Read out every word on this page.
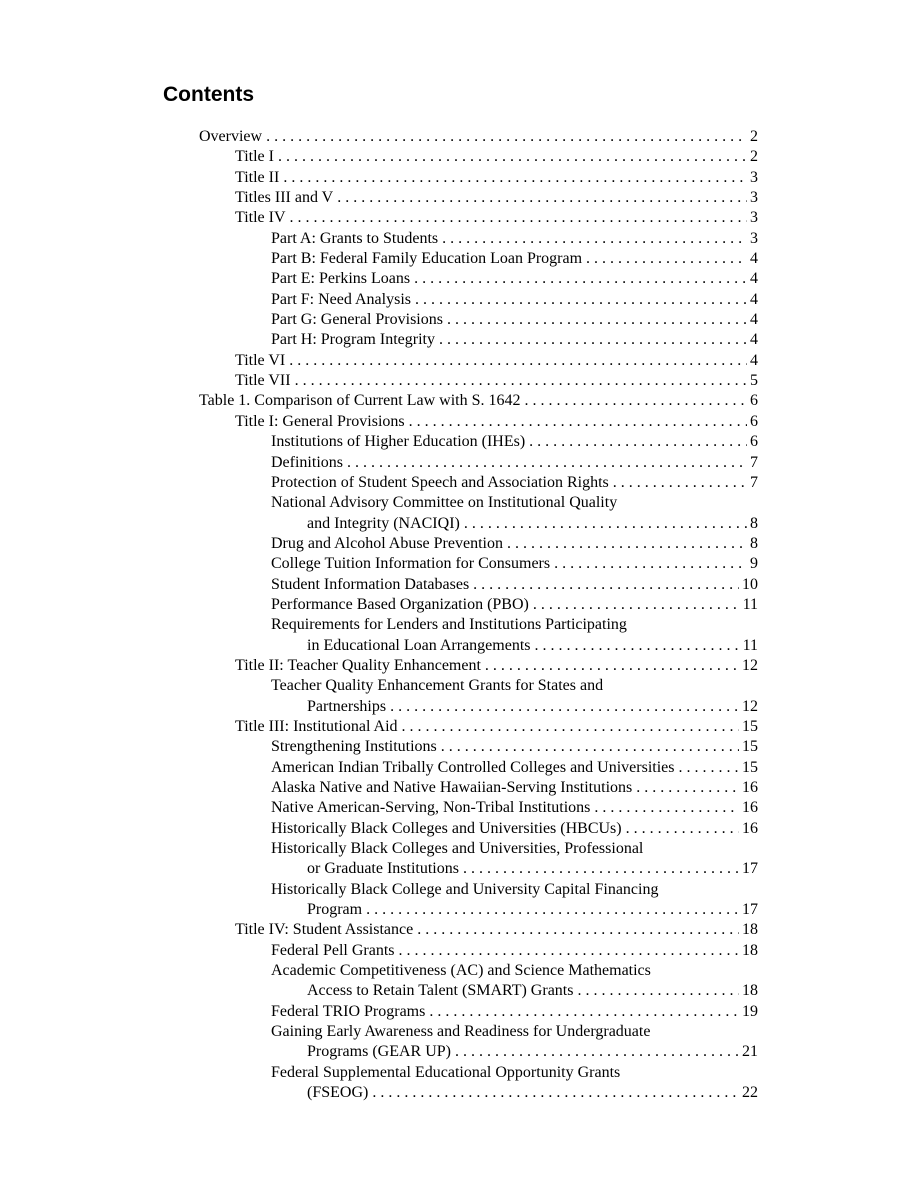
Contents
Overview . . .	2
Title I . . .	2
Title II . . .	3
Titles III and V . . .	3
Title IV . . .	3
Part A: Grants to Students . . .	3
Part B: Federal Family Education Loan Program . . .	4
Part E: Perkins Loans . . .	4
Part F: Need Analysis . . .	4
Part G: General Provisions . . .	4
Part H: Program Integrity . . .	4
Title VI . . .	4
Title VII . . .	5
Table 1. Comparison of Current Law with S. 1642 . . .	6
Title I: General Provisions . . .	6
Institutions of Higher Education (IHEs) . . .	6
Definitions . . .	7
Protection of Student Speech and Association Rights . . .	7
National Advisory Committee on Institutional Quality
and Integrity (NACIQI) . . .	8
Drug and Alcohol Abuse Prevention . . .	8
College Tuition Information for Consumers . . .	9
Student Information Databases . . .	10
Performance Based Organization (PBO) . . .	11
Requirements for Lenders and Institutions Participating
in Educational Loan Arrangements . . .	11
Title II: Teacher Quality Enhancement . . .	12
Teacher Quality Enhancement Grants for States and
Partnerships . . .	12
Title III: Institutional Aid . . .	15
Strengthening Institutions . . .	15
American Indian Tribally Controlled Colleges and Universities . . .	15
Alaska Native and Native Hawaiian-Serving Institutions . . .	16
Native American-Serving, Non-Tribal Institutions . . .	16
Historically Black Colleges and Universities (HBCUs) . . .	16
Historically Black Colleges and Universities, Professional
or Graduate Institutions . . .	17
Historically Black College and University Capital Financing
Program . . .	17
Title IV: Student Assistance . . .	18
Federal Pell Grants . . .	18
Academic Competitiveness (AC) and Science Mathematics
Access to Retain Talent (SMART) Grants . . .	18
Federal TRIO Programs . . .	19
Gaining Early Awareness and Readiness for Undergraduate
Programs (GEAR UP) . . .	21
Federal Supplemental Educational Opportunity Grants
(FSEOG) . . .	22
